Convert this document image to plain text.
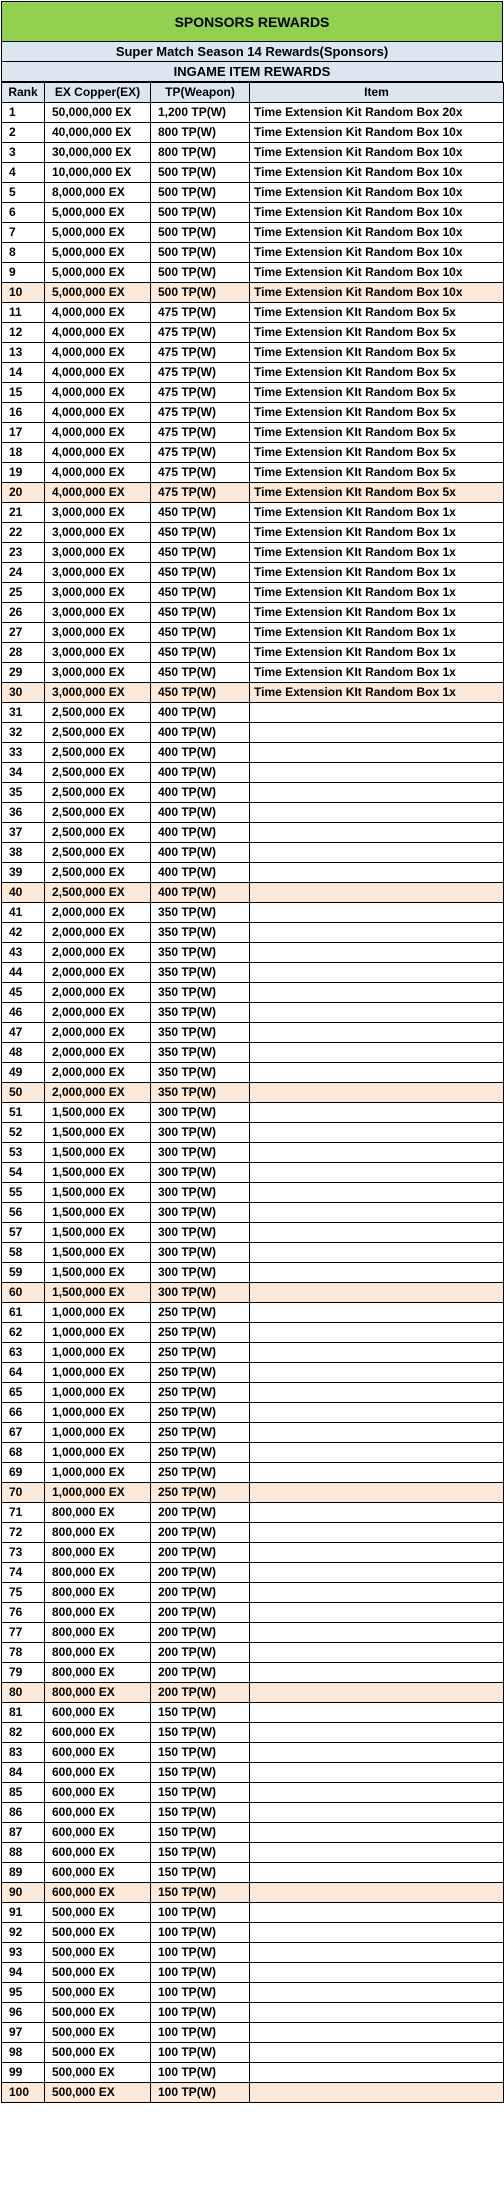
SPONSORS REWARDS
Super Match Season 14 Rewards(Sponsors)
INGAME ITEM REWARDS
Rank	EX Copper(EX)	TP(Weapon)	Item
1	50,000,000 EX	1,200 TP(W)	Time Extension Kit Random Box 20x
2	40,000,000 EX	800 TP(W)	Time Extension Kit Random Box 10x
3	30,000,000 EX	800 TP(W)	Time Extension Kit Random Box 10x
4	10,000,000 EX	500 TP(W)	Time Extension Kit Random Box 10x
5	8,000,000 EX	500 TP(W)	Time Extension Kit Random Box 10x
6	5,000,000 EX	500 TP(W)	Time Extension Kit Random Box 10x
7	5,000,000 EX	500 TP(W)	Time Extension Kit Random Box 10x
8	5,000,000 EX	500 TP(W)	Time Extension Kit Random Box 10x
9	5,000,000 EX	500 TP(W)	Time Extension Kit Random Box 10x
10	5,000,000 EX	500 TP(W)	Time Extension Kit Random Box 10x
11	4,000,000 EX	475 TP(W)	Time Extension KIt Random Box 5x
12	4,000,000 EX	475 TP(W)	Time Extension KIt Random Box 5x
13	4,000,000 EX	475 TP(W)	Time Extension KIt Random Box 5x
14	4,000,000 EX	475 TP(W)	Time Extension KIt Random Box 5x
15	4,000,000 EX	475 TP(W)	Time Extension KIt Random Box 5x
16	4,000,000 EX	475 TP(W)	Time Extension KIt Random Box 5x
17	4,000,000 EX	475 TP(W)	Time Extension KIt Random Box 5x
18	4,000,000 EX	475 TP(W)	Time Extension KIt Random Box 5x
19	4,000,000 EX	475 TP(W)	Time Extension KIt Random Box 5x
20	4,000,000 EX	475 TP(W)	Time Extension KIt Random Box 5x
21	3,000,000 EX	450 TP(W)	Time Extension KIt Random Box 1x
22	3,000,000 EX	450 TP(W)	Time Extension KIt Random Box 1x
23	3,000,000 EX	450 TP(W)	Time Extension KIt Random Box 1x
24	3,000,000 EX	450 TP(W)	Time Extension KIt Random Box 1x
25	3,000,000 EX	450 TP(W)	Time Extension KIt Random Box 1x
26	3,000,000 EX	450 TP(W)	Time Extension KIt Random Box 1x
27	3,000,000 EX	450 TP(W)	Time Extension KIt Random Box 1x
28	3,000,000 EX	450 TP(W)	Time Extension KIt Random Box 1x
29	3,000,000 EX	450 TP(W)	Time Extension KIt Random Box 1x
30	3,000,000 EX	450 TP(W)	Time Extension KIt Random Box 1x
31	2,500,000 EX	400 TP(W)	
32	2,500,000 EX	400 TP(W)	
33	2,500,000 EX	400 TP(W)	
34	2,500,000 EX	400 TP(W)	
35	2,500,000 EX	400 TP(W)	
36	2,500,000 EX	400 TP(W)	
37	2,500,000 EX	400 TP(W)	
38	2,500,000 EX	400 TP(W)	
39	2,500,000 EX	400 TP(W)	
40	2,500,000 EX	400 TP(W)	
41	2,000,000 EX	350 TP(W)	
42	2,000,000 EX	350 TP(W)	
43	2,000,000 EX	350 TP(W)	
44	2,000,000 EX	350 TP(W)	
45	2,000,000 EX	350 TP(W)	
46	2,000,000 EX	350 TP(W)	
47	2,000,000 EX	350 TP(W)	
48	2,000,000 EX	350 TP(W)	
49	2,000,000 EX	350 TP(W)	
50	2,000,000 EX	350 TP(W)	
51	1,500,000 EX	300 TP(W)	
52	1,500,000 EX	300 TP(W)	
53	1,500,000 EX	300 TP(W)	
54	1,500,000 EX	300 TP(W)	
55	1,500,000 EX	300 TP(W)	
56	1,500,000 EX	300 TP(W)	
57	1,500,000 EX	300 TP(W)	
58	1,500,000 EX	300 TP(W)	
59	1,500,000 EX	300 TP(W)	
60	1,500,000 EX	300 TP(W)	
61	1,000,000 EX	250 TP(W)	
62	1,000,000 EX	250 TP(W)	
63	1,000,000 EX	250 TP(W)	
64	1,000,000 EX	250 TP(W)	
65	1,000,000 EX	250 TP(W)	
66	1,000,000 EX	250 TP(W)	
67	1,000,000 EX	250 TP(W)	
68	1,000,000 EX	250 TP(W)	
69	1,000,000 EX	250 TP(W)	
70	1,000,000 EX	250 TP(W)	
71	800,000 EX	200 TP(W)	
72	800,000 EX	200 TP(W)	
73	800,000 EX	200 TP(W)	
74	800,000 EX	200 TP(W)	
75	800,000 EX	200 TP(W)	
76	800,000 EX	200 TP(W)	
77	800,000 EX	200 TP(W)	
78	800,000 EX	200 TP(W)	
79	800,000 EX	200 TP(W)	
80	800,000 EX	200 TP(W)	
81	600,000 EX	150 TP(W)	
82	600,000 EX	150 TP(W)	
83	600,000 EX	150 TP(W)	
84	600,000 EX	150 TP(W)	
85	600,000 EX	150 TP(W)	
86	600,000 EX	150 TP(W)	
87	600,000 EX	150 TP(W)	
88	600,000 EX	150 TP(W)	
89	600,000 EX	150 TP(W)	
90	600,000 EX	150 TP(W)	
91	500,000 EX	100 TP(W)	
92	500,000 EX	100 TP(W)	
93	500,000 EX	100 TP(W)	
94	500,000 EX	100 TP(W)	
95	500,000 EX	100 TP(W)	
96	500,000 EX	100 TP(W)	
97	500,000 EX	100 TP(W)	
98	500,000 EX	100 TP(W)	
99	500,000 EX	100 TP(W)	
100	500,000 EX	100 TP(W)	
